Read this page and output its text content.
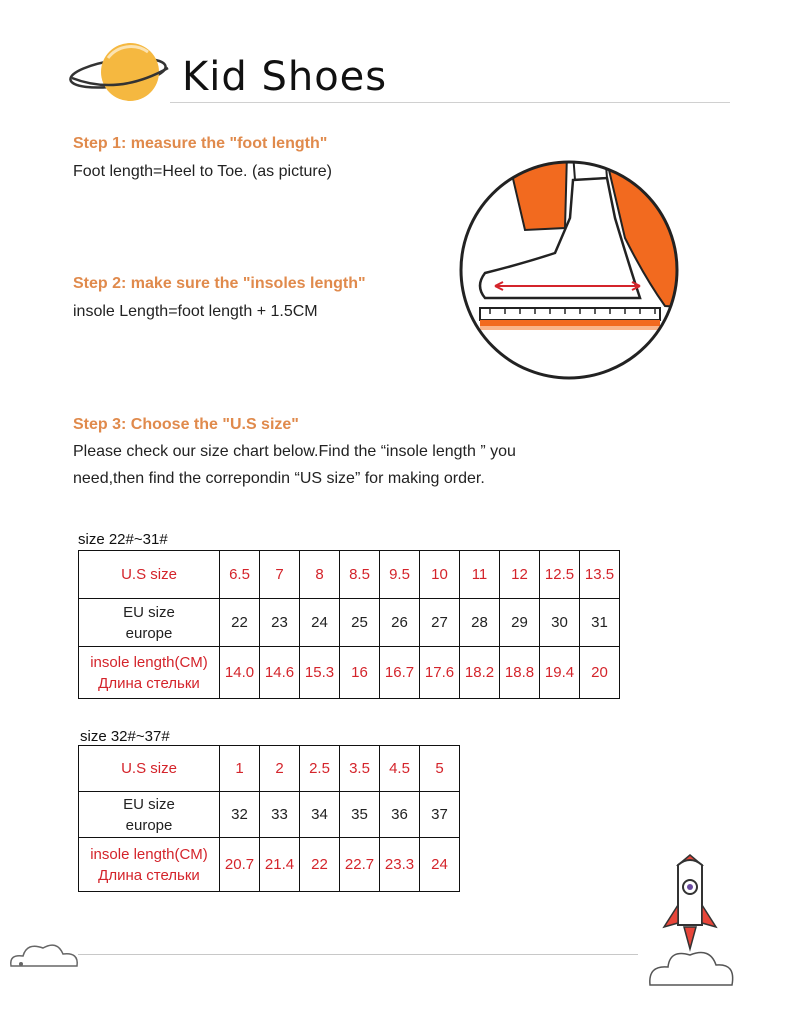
Kid Shoes
Step 1: measure the "foot length"
Foot length=Heel to Toe. (as picture)
Step 2: make sure the "insoles length"
insole Length=foot length + 1.5CM
Step 3: Choose the "U.S size"
Please check our size chart below.Find the “insole length ” you
need,then find the correpondin “US size” for making order.
size 22#~31#
U.S size	6.5	7	8	8.5	9.5	10	11	12	12.5	13.5

EU size
europe	22	23	24	25	26	27	28	29	30	31

insole length(CM)
Длина стельки	14.0	14.6	15.3	16	16.7	17.6	18.2	18.8	19.4	20
size 32#~37#
U.S size	1	2	2.5	3.5	4.5	5

EU size
europe	32	33	34	35	36	37

insole length(CM)
Длина стельки	20.7	21.4	22	22.7	23.3	24
